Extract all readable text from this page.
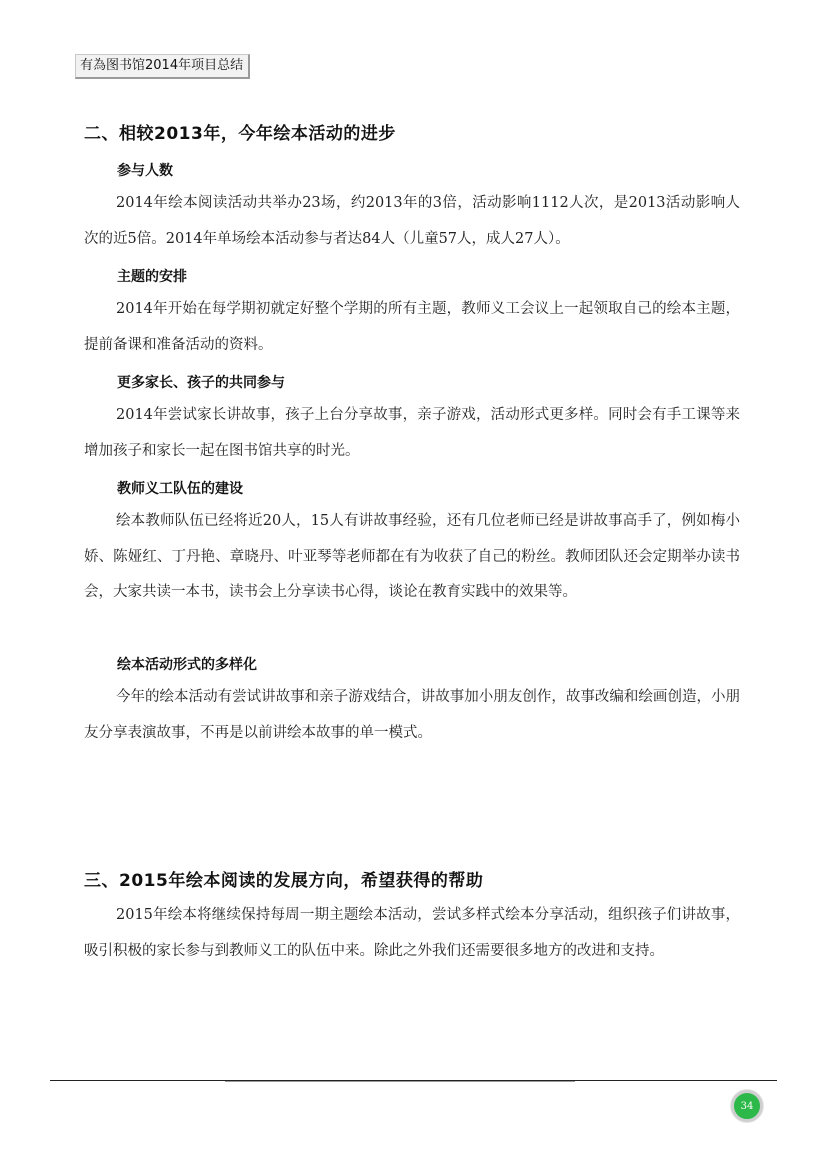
有為图书馆2014年项目总结
二、相较2013年，今年绘本活动的进步
参与人数
2014年绘本阅读活动共举办23场，约2013年的3倍，活动影响1112人次，是2013活动影响人次的近5倍。2014年单场绘本活动参与者达84人（儿童57人，成人27人）。
主题的安排
2014年开始在每学期初就定好整个学期的所有主题，教师义工会议上一起领取自己的绘本主题，提前备课和准备活动的资料。
更多家长、孩子的共同参与
2014年尝试家长讲故事，孩子上台分享故事，亲子游戏，活动形式更多样。同时会有手工课等来增加孩子和家长一起在图书馆共享的时光。
教师义工队伍的建设
绘本教师队伍已经将近20人，15人有讲故事经验，还有几位老师已经是讲故事高手了，例如梅小娇、陈娅红、丁丹艳、章晓丹、叶亚琴等老师都在有为收获了自己的粉丝。教师团队还会定期举办读书会，大家共读一本书，读书会上分享读书心得，谈论在教育实践中的效果等。
绘本活动形式的多样化
今年的绘本活动有尝试讲故事和亲子游戏结合，讲故事加小朋友创作，故事改编和绘画创造，小朋友分享表演故事，不再是以前讲绘本故事的单一模式。
三、2015年绘本阅读的发展方向，希望获得的帮助
2015年绘本将继续保持每周一期主题绘本活动，尝试多样式绘本分享活动，组织孩子们讲故事，吸引积极的家长参与到教师义工的队伍中来。除此之外我们还需要很多地方的改进和支持。
34
